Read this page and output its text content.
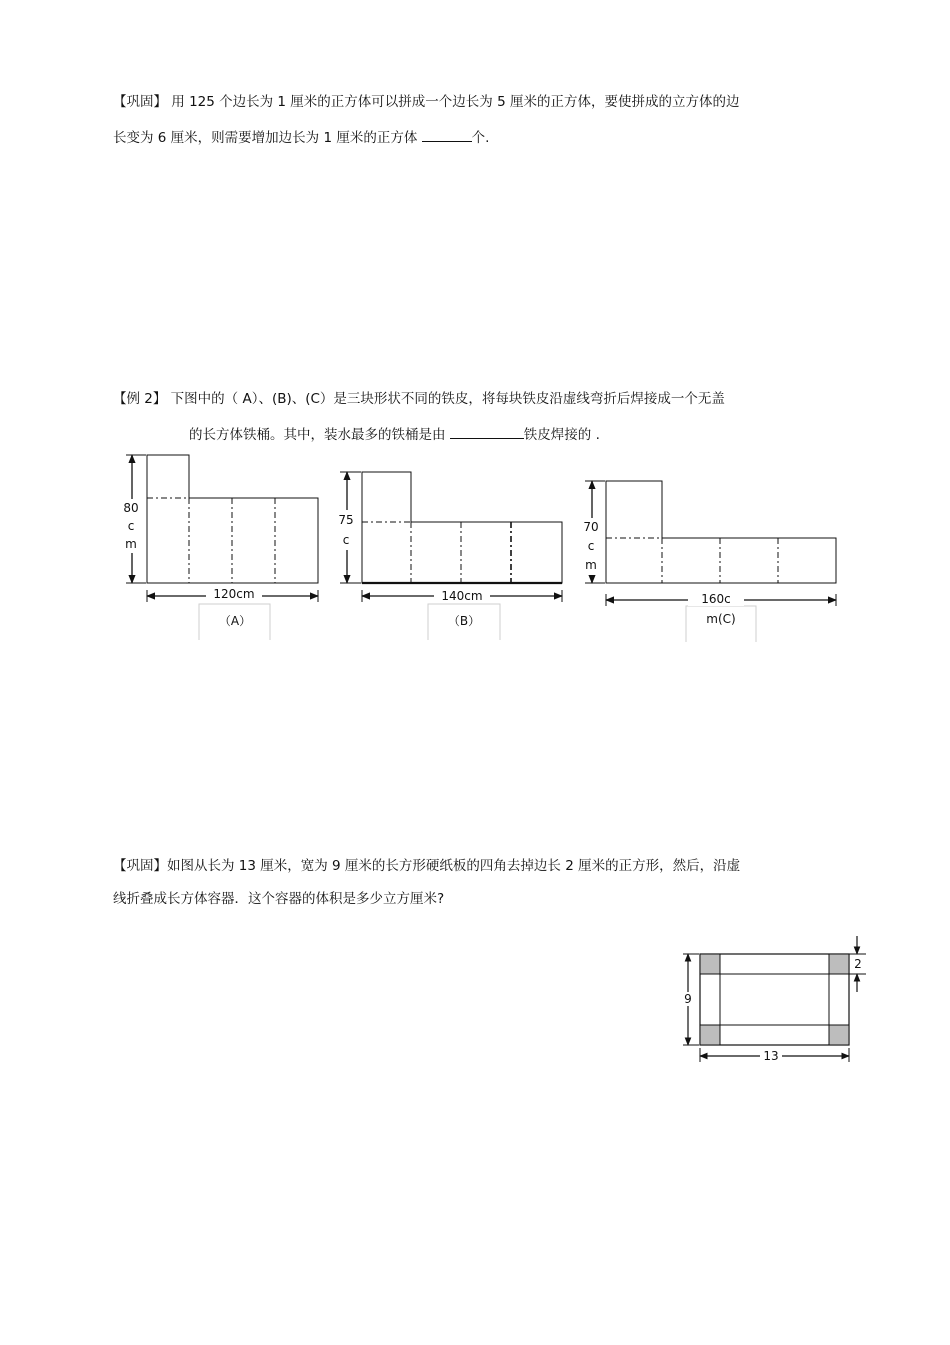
【巩固】 用 125 个边长为 1 厘米的正方体可以拼成一个边长为 5 厘米的正方体，要使拼成的立方体的边
长变为 6 厘米，则需要增加边长为 1 厘米的正方体	个.
【例 2】 下图中的（ A）、(B)、(C）是三块形状不同的铁皮，将每块铁皮沿虚线弯折后焊接成一个无盖
的长方体铁桶。其中，装水最多的铁桶是由	铁皮焊接的 .
80
c
m
120cm
（A）
75
c
140cm
（B）
70
c
m
160c
m(C)
【巩固】如图从长为 13 厘米，宽为 9 厘米的长方形硬纸板的四角去掉边长 2 厘米的正方形，然后，沿虚
线折叠成长方体容器．这个容器的体积是多少立方厘米?
2
9
13
